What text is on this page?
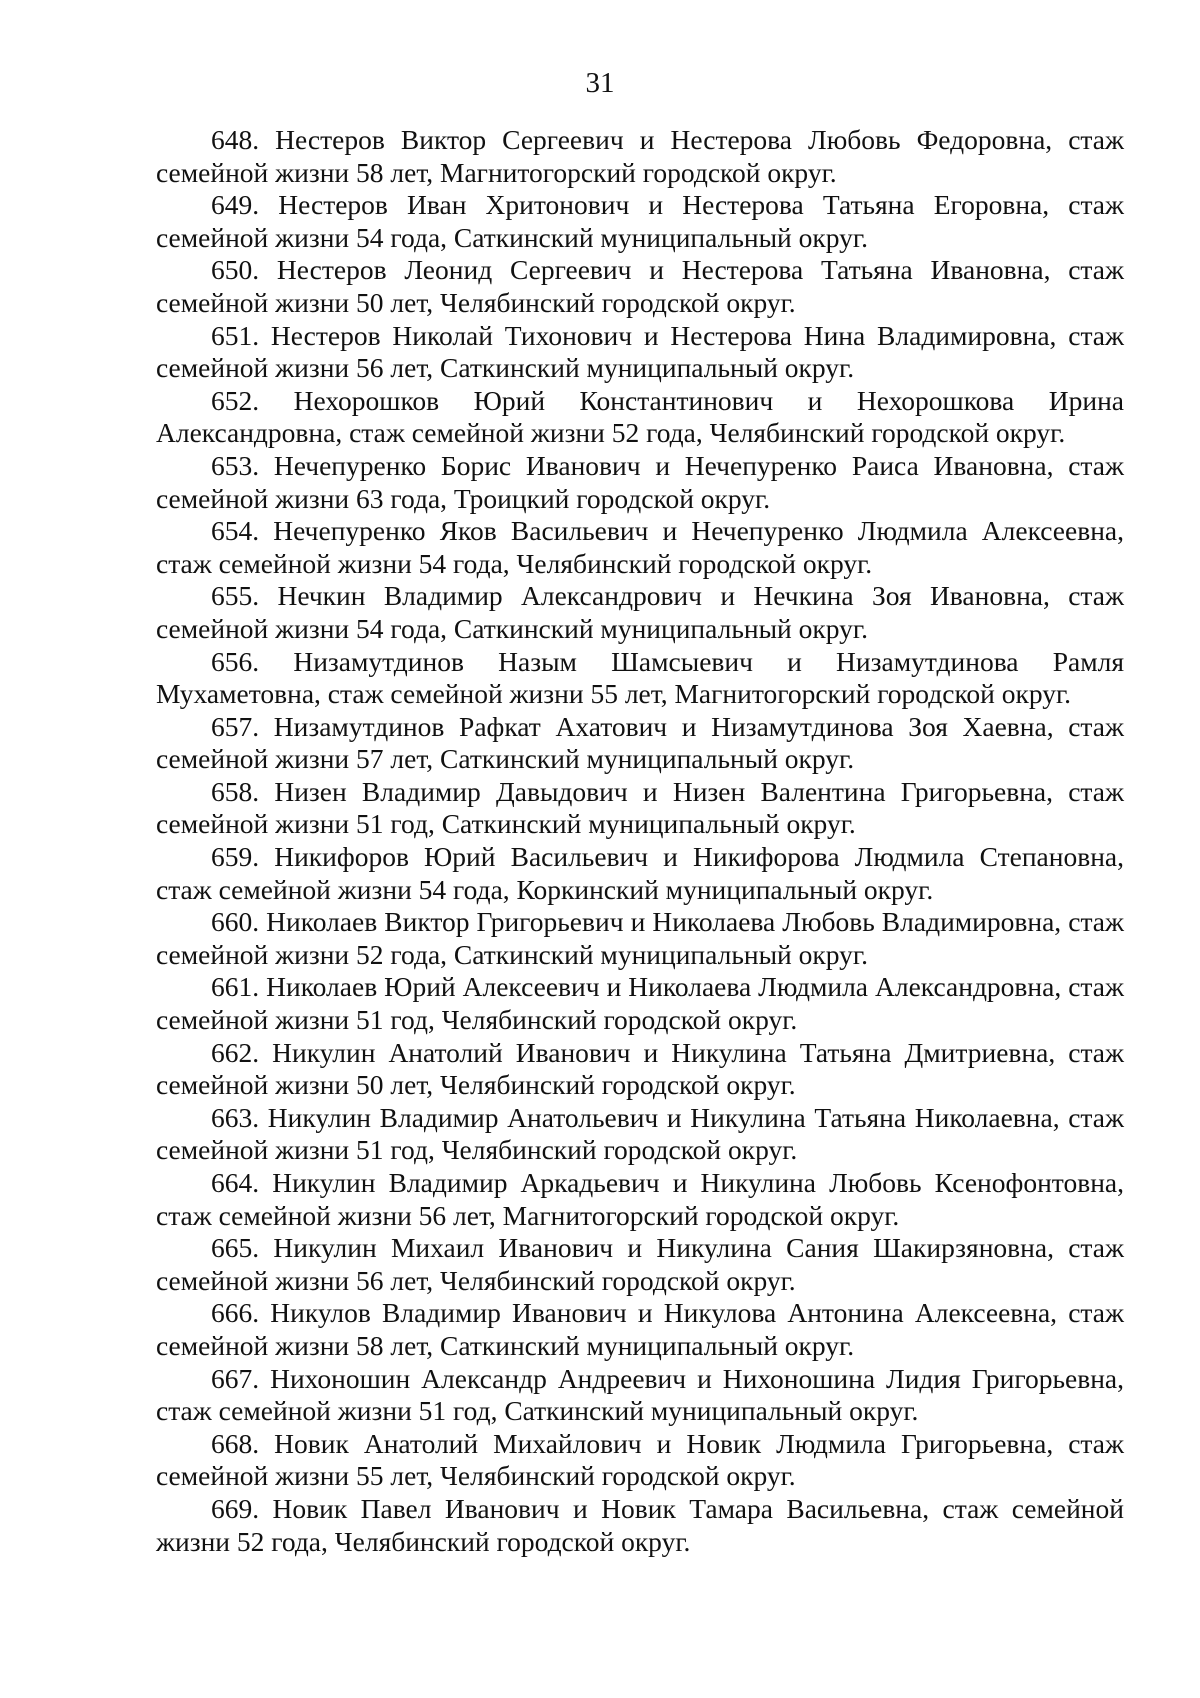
31

648. Нестеров Виктор Сергеевич и Нестерова Любовь Федоровна, стаж семейной жизни 58 лет, Магнитогорский городской округ.

649. Нестеров Иван Хритонович и Нестерова Татьяна Егоровна, стаж семейной жизни 54 года, Саткинский муниципальный округ.

650. Нестеров Леонид Сергеевич и Нестерова Татьяна Ивановна, стаж семейной жизни 50 лет, Челябинский городской округ.

651. Нестеров Николай Тихонович и Нестерова Нина Владимировна, стаж семейной жизни 56 лет, Саткинский муниципальный округ.

652. Нехорошков Юрий Константинович и Нехорошкова Ирина Александровна, стаж семейной жизни 52 года, Челябинский городской округ.

653. Нечепуренко Борис Иванович и Нечепуренко Раиса Ивановна, стаж семейной жизни 63 года, Троицкий городской округ.

654. Нечепуренко Яков Васильевич и Нечепуренко Людмила Алексеевна, стаж семейной жизни 54 года, Челябинский городской округ.

655. Нечкин Владимир Александрович и Нечкина Зоя Ивановна, стаж семейной жизни 54 года, Саткинский муниципальный округ.

656. Низамутдинов Назым Шамсыевич и Низамутдинова Рамля Мухаметовна, стаж семейной жизни 55 лет, Магнитогорский городской округ.

657. Низамутдинов Рафкат Ахатович и Низамутдинова Зоя Хаевна, стаж семейной жизни 57 лет, Саткинский муниципальный округ.

658. Низен Владимир Давыдович и Низен Валентина Григорьевна, стаж семейной жизни 51 год, Саткинский муниципальный округ.

659. Никифоров Юрий Васильевич и Никифорова Людмила Степановна, стаж семейной жизни 54 года, Коркинский муниципальный округ.

660. Николаев Виктор Григорьевич и Николаева Любовь Владимировна, стаж семейной жизни 52 года, Саткинский муниципальный округ.

661. Николаев Юрий Алексеевич и Николаева Людмила Александровна, стаж семейной жизни 51 год, Челябинский городской округ.

662. Никулин Анатолий Иванович и Никулина Татьяна Дмитриевна, стаж семейной жизни 50 лет, Челябинский городской округ.

663. Никулин Владимир Анатольевич и Никулина Татьяна Николаевна, стаж семейной жизни 51 год, Челябинский городской округ.

664. Никулин Владимир Аркадьевич и Никулина Любовь Ксенофонтовна, стаж семейной жизни 56 лет, Магнитогорский городской округ.

665. Никулин Михаил Иванович и Никулина Сания Шакирзяновна, стаж семейной жизни 56 лет, Челябинский городской округ.

666. Никулов Владимир Иванович и Никулова Антонина Алексеевна, стаж семейной жизни 58 лет, Саткинский муниципальный округ.

667. Нихоношин Александр Андреевич и Нихоношина Лидия Григорьевна, стаж семейной жизни 51 год, Саткинский муниципальный округ.

668. Новик Анатолий Михайлович и Новик Людмила Григорьевна, стаж семейной жизни 55 лет, Челябинский городской округ.

669. Новик Павел Иванович и Новик Тамара Васильевна, стаж семейной жизни 52 года, Челябинский городской округ.
